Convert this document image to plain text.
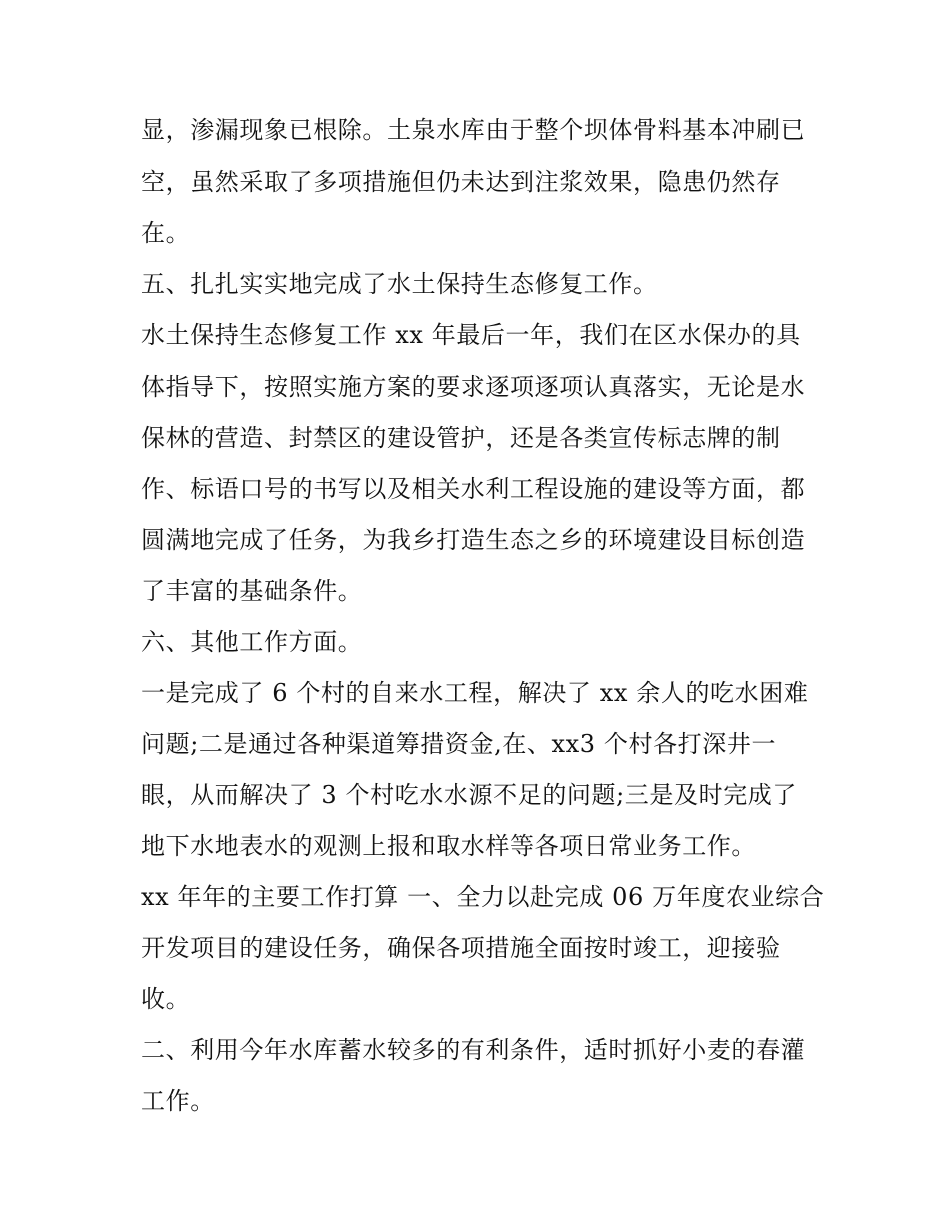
显，渗漏现象已根除。土泉水库由于整个坝体骨料基本冲刷已
空，虽然采取了多项措施但仍未达到注浆效果，隐患仍然存
在。
五、扎扎实实地完成了水土保持生态修复工作。
水土保持生态修复工作 xx 年最后一年，我们在区水保办的具
体指导下，按照实施方案的要求逐项逐项认真落实，无论是水
保林的营造、封禁区的建设管护，还是各类宣传标志牌的制
作、标语口号的书写以及相关水利工程设施的建设等方面，都
圆满地完成了任务，为我乡打造生态之乡的环境建设目标创造
了丰富的基础条件。
六、其他工作方面。
一是完成了 6 个村的自来水工程，解决了 xx 余人的吃水困难
问题;二是通过各种渠道筹措资金,在、xx3 个村各打深井一
眼，从而解决了 3 个村吃水水源不足的问题;三是及时完成了
地下水地表水的观测上报和取水样等各项日常业务工作。
xx 年年的主要工作打算 一、全力以赴完成 06 万年度农业综合
开发项目的建设任务，确保各项措施全面按时竣工，迎接验
收。
二、利用今年水库蓄水较多的有利条件，适时抓好小麦的春灌
工作。
